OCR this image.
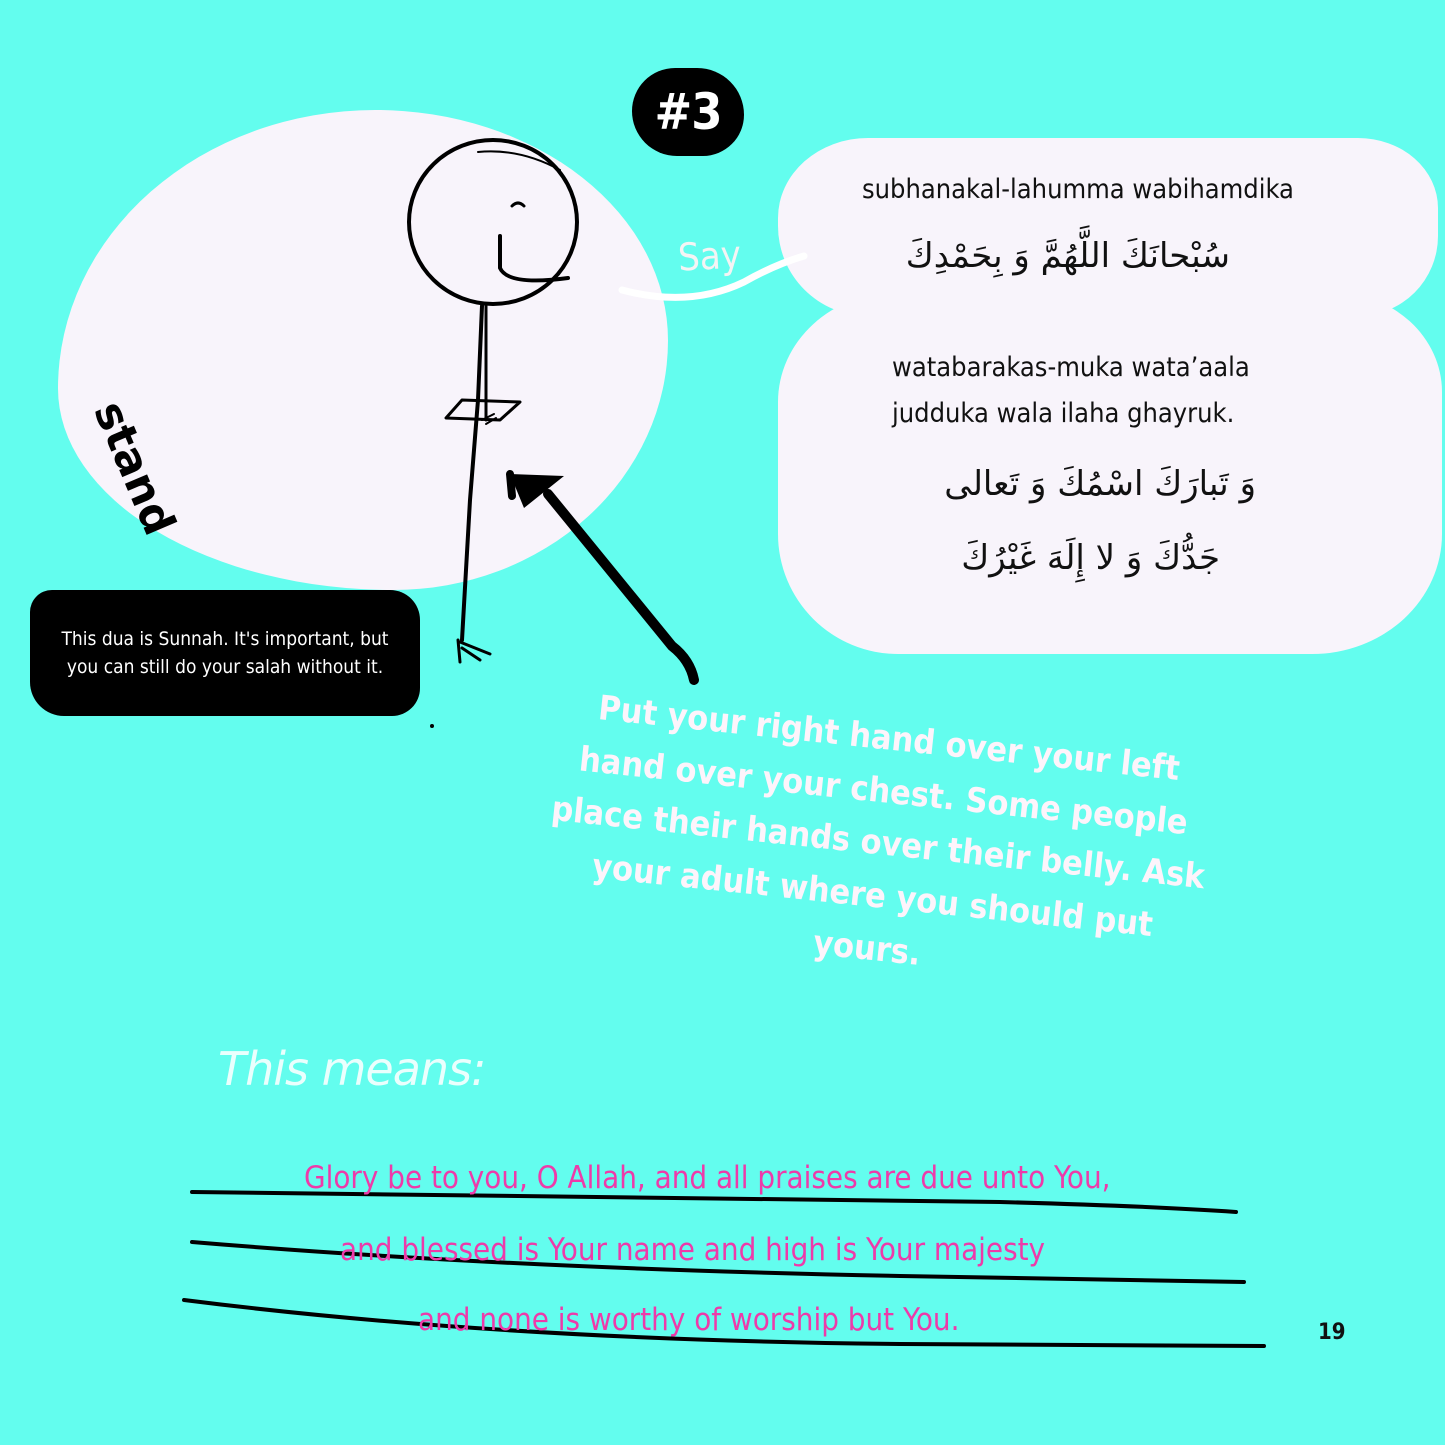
#3
stand
This dua is Sunnah. It's important, but you can still do your salah without it.
Say
subhanakal-lahumma wabihamdika
سُبْحانَكَ اللَّهُمَّ وَ بِحَمْدِكَ
watabarakas-muka wata’aala
judduka wala ilaha ghayruk.
وَ تَبارَكَ اسْمُكَ وَ تَعالى
جَدُّكَ وَ لا إِلَهَ غَيْرُكَ
Put your right hand over your left hand over your chest. Some people place their hands over their belly. Ask your adult where you should put yours.
This means:
Glory be to you, O Allah, and all praises are due unto You,
and blessed is Your name and high is Your majesty
and none is worthy of worship but You.	19
